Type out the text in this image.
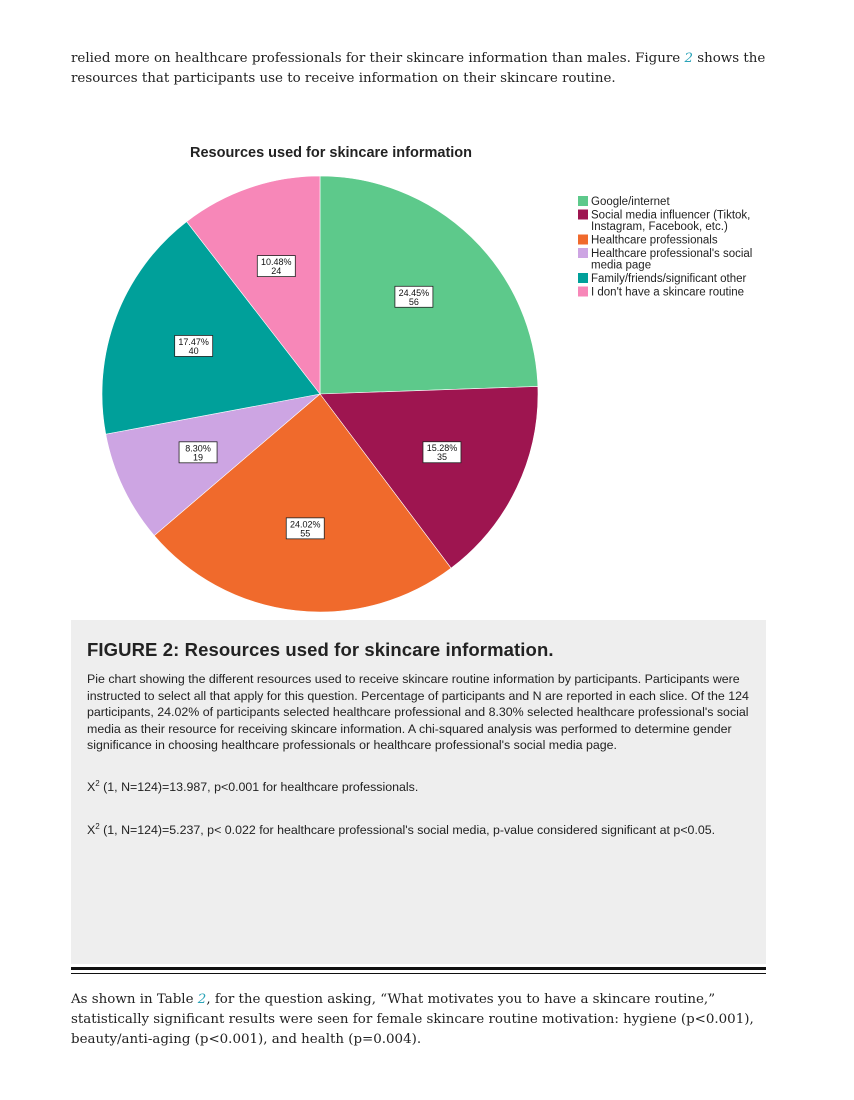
relied more on healthcare professionals for their skincare information than males. Figure 2 shows the resources that participants use to receive information on their skincare routine.

Resources used for skincare information
24.45%
56
15.28%
35
24.02%
55
8.30%
19
17.47%
40
10.48%
24
Google/internet
Social media influencer (Tiktok,
Instagram, Facebook, etc.)
Healthcare professionals
Healthcare professional's social
media page
Family/friends/significant other
I don't have a skincare routine

FIGURE 2: Resources used for skincare information.

Pie chart showing the different resources used to receive skincare routine information by participants. Participants were instructed to select all that apply for this question. Percentage of participants and N are reported in each slice. Of the 124 participants, 24.02% of participants selected healthcare professional and 8.30% selected healthcare professional's social media as their resource for receiving skincare information. A chi-squared analysis was performed to determine gender significance in choosing healthcare professionals or healthcare professional's social media page.

$X^2$ (1, N=124)=13.987, p<0.001 for healthcare professionals.

$X^2$ (1, N=124)=5.237, p< 0.022 for healthcare professional's social media, p-value considered significant at p<0.05.

As shown in Table 2, for the question asking, “What motivates you to have a skincare routine,” statistically significant results were seen for female skincare routine motivation: hygiene (p<0.001), beauty/anti-aging (p<0.001), and health (p=0.004).
